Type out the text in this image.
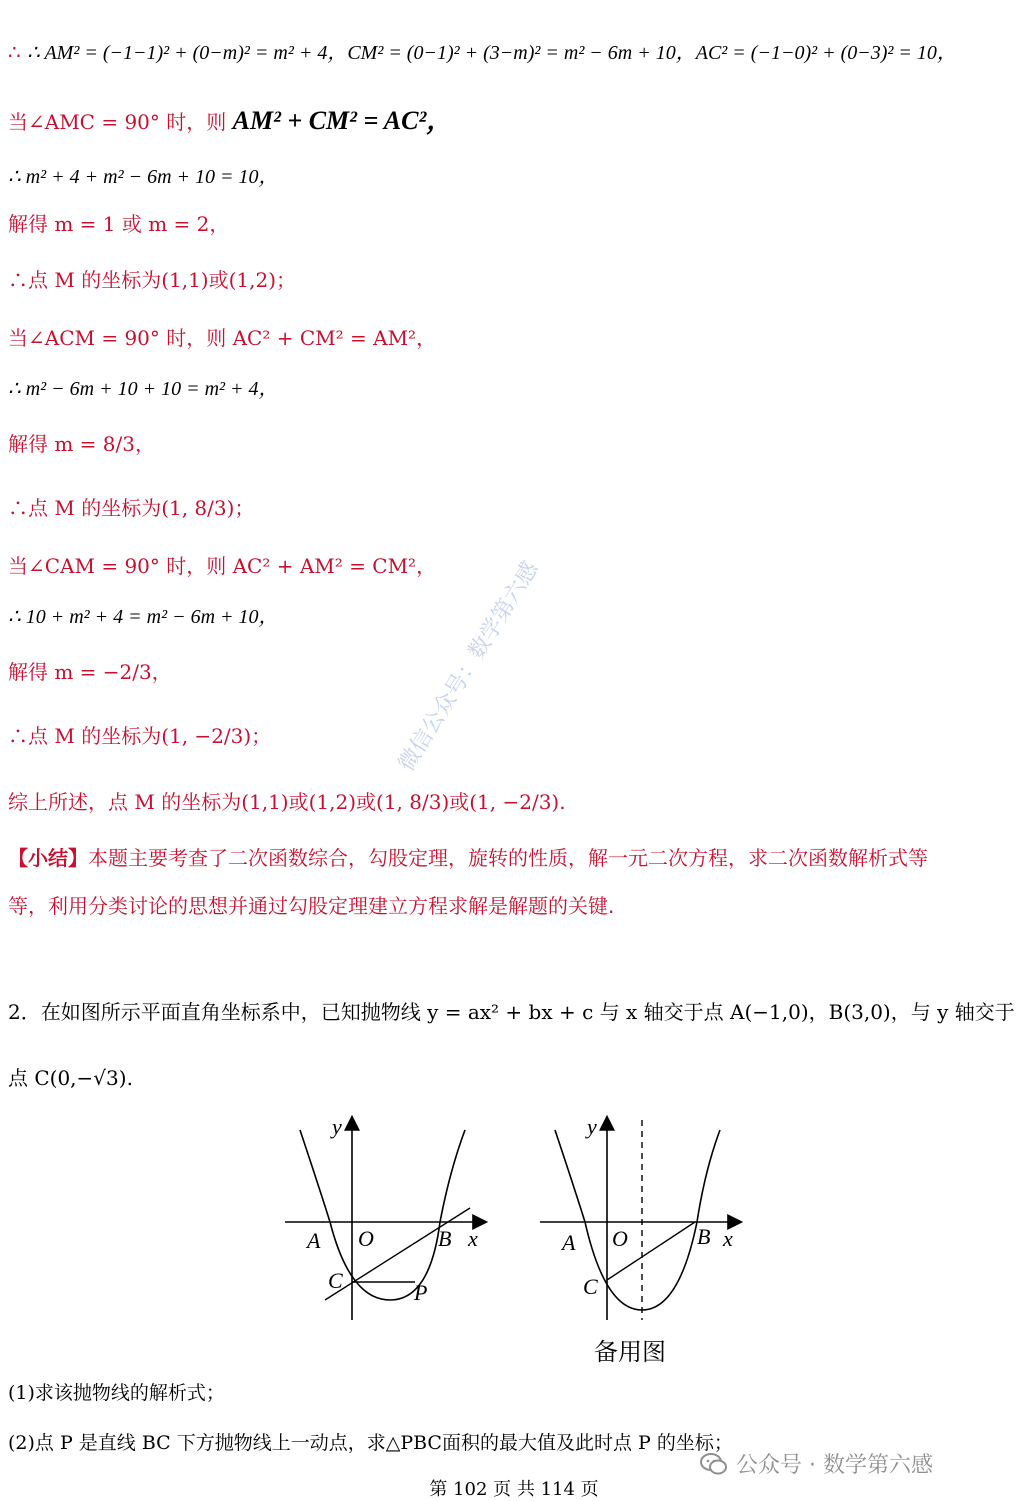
∴ ∴ AM² = (−1−1)² + (0−m)² = m² + 4，CM² = (0−1)² + (3−m)² = m² − 6m + 10，AC² = (−1−0)² + (0−3)² = 10，
当∠AMC = 90° 时，则 AM² + CM² = AC²，
∴ m² + 4 + m² − 6m + 10 = 10，
解得 m = 1 或 m = 2，
∴点 M 的坐标为(1,1)或(1,2)；
当∠ACM = 90° 时，则 AC² + CM² = AM²，
∴ m² − 6m + 10 + 10 = m² + 4，
解得 m = 8/3，
∴点 M 的坐标为(1, 8/3)；
当∠CAM = 90° 时，则 AC² + AM² = CM²，
∴ 10 + m² + 4 = m² − 6m + 10，
解得 m = −2/3，
∴点 M 的坐标为(1, −2/3)；
综上所述，点 M 的坐标为(1,1)或(1,2)或(1, 8/3)或(1, −2/3).
【小结】本题主要考查了二次函数综合，勾股定理，旋转的性质，解一元二次方程，求二次函数解析式等
等，利用分类讨论的思想并通过勾股定理建立方程求解是解题的关键.
2．在如图所示平面直角坐标系中，已知抛物线 y = ax² + bx + c 与 x 轴交于点 A(−1,0)，B(3,0)，与 y 轴交于
点 C(0,−√3).
y
x
A O	B
C	P
y
x
A O	B
C
备用图
(1)求该抛物线的解析式；
(2)点 P 是直线 BC 下方抛物线上一动点，求△PBC面积的最大值及此时点 P 的坐标；
微信公众号：数学第六感
公众号 · 数学第六感
第 102 页 共 114 页
